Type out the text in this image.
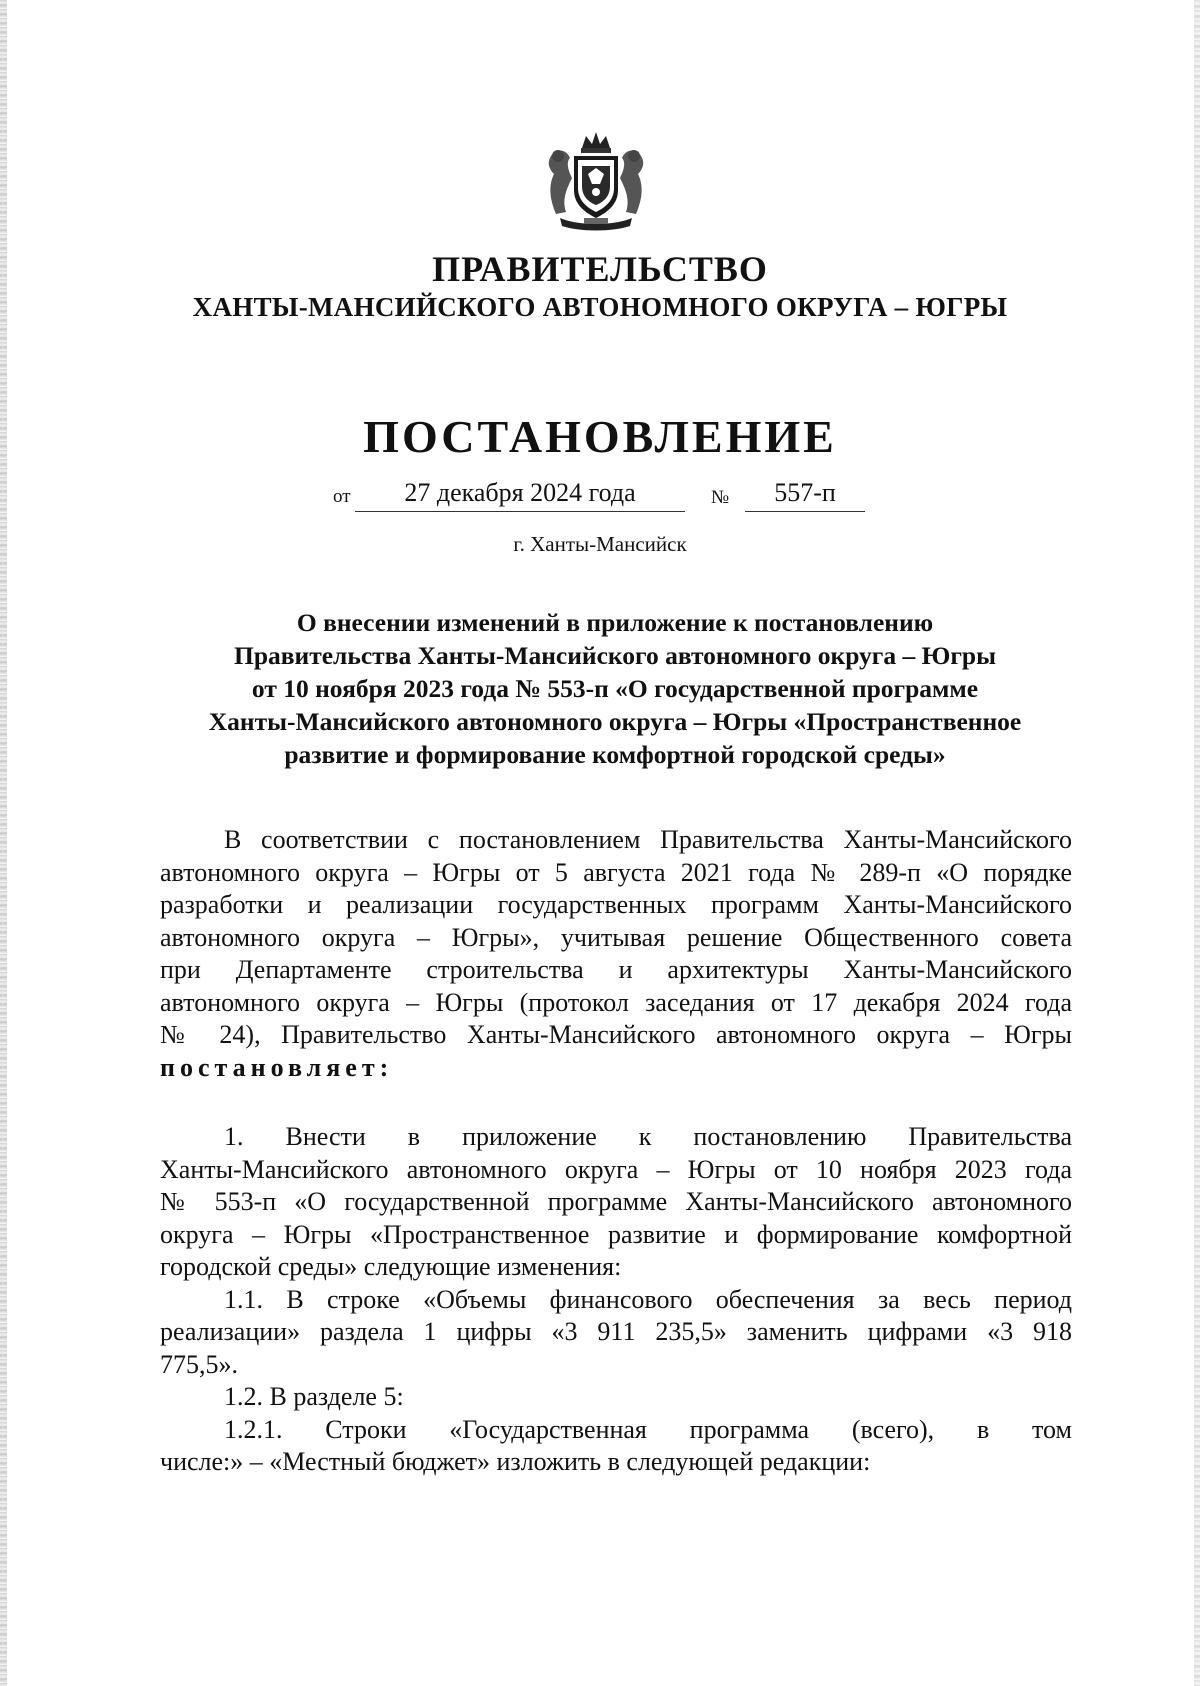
ПРАВИТЕЛЬСТВО
ХАНТЫ-МАНСИЙСКОГО АВТОНОМНОГО ОКРУГА – ЮГРЫ
ПОСТАНОВЛЕНИЕ
от	27 декабря 2024 года	№	557-п
г. Ханты-Мансийск
О внесении изменений в приложение к постановлению
Правительства Ханты-Мансийского автономного округа – Югры
от 10 ноября 2023 года № 553-п «О государственной программе
Ханты-Мансийского автономного округа – Югры «Пространственное
развитие и формирование комфортной городской среды»
В соответствии с постановлением Правительства Ханты-Мансийского
автономного округа – Югры от 5 августа 2021 года № 289-п «О порядке
разработки и реализации государственных программ Ханты-Мансийского
автономного округа – Югры», учитывая решение Общественного совета
при Департаменте строительства и архитектуры Ханты-Мансийского
автономного округа – Югры (протокол заседания от 17 декабря 2024 года
№ 24), Правительство Ханты-Мансийского автономного округа – Югры
постановляет:
1. Внести в приложение к постановлению Правительства
Ханты-Мансийского автономного округа – Югры от 10 ноября 2023 года
№ 553-п «О государственной программе Ханты-Мансийского автономного
округа – Югры «Пространственное развитие и формирование комфортной
городской среды» следующие изменения:
1.1. В строке «Объемы финансового обеспечения за весь период
реализации» раздела 1 цифры «3 911 235,5» заменить цифрами «3 918
775,5».
1.2. В разделе 5:
1.2.1. Строки «Государственная программа (всего), в том
числе:» – «Местный бюджет» изложить в следующей редакции:
